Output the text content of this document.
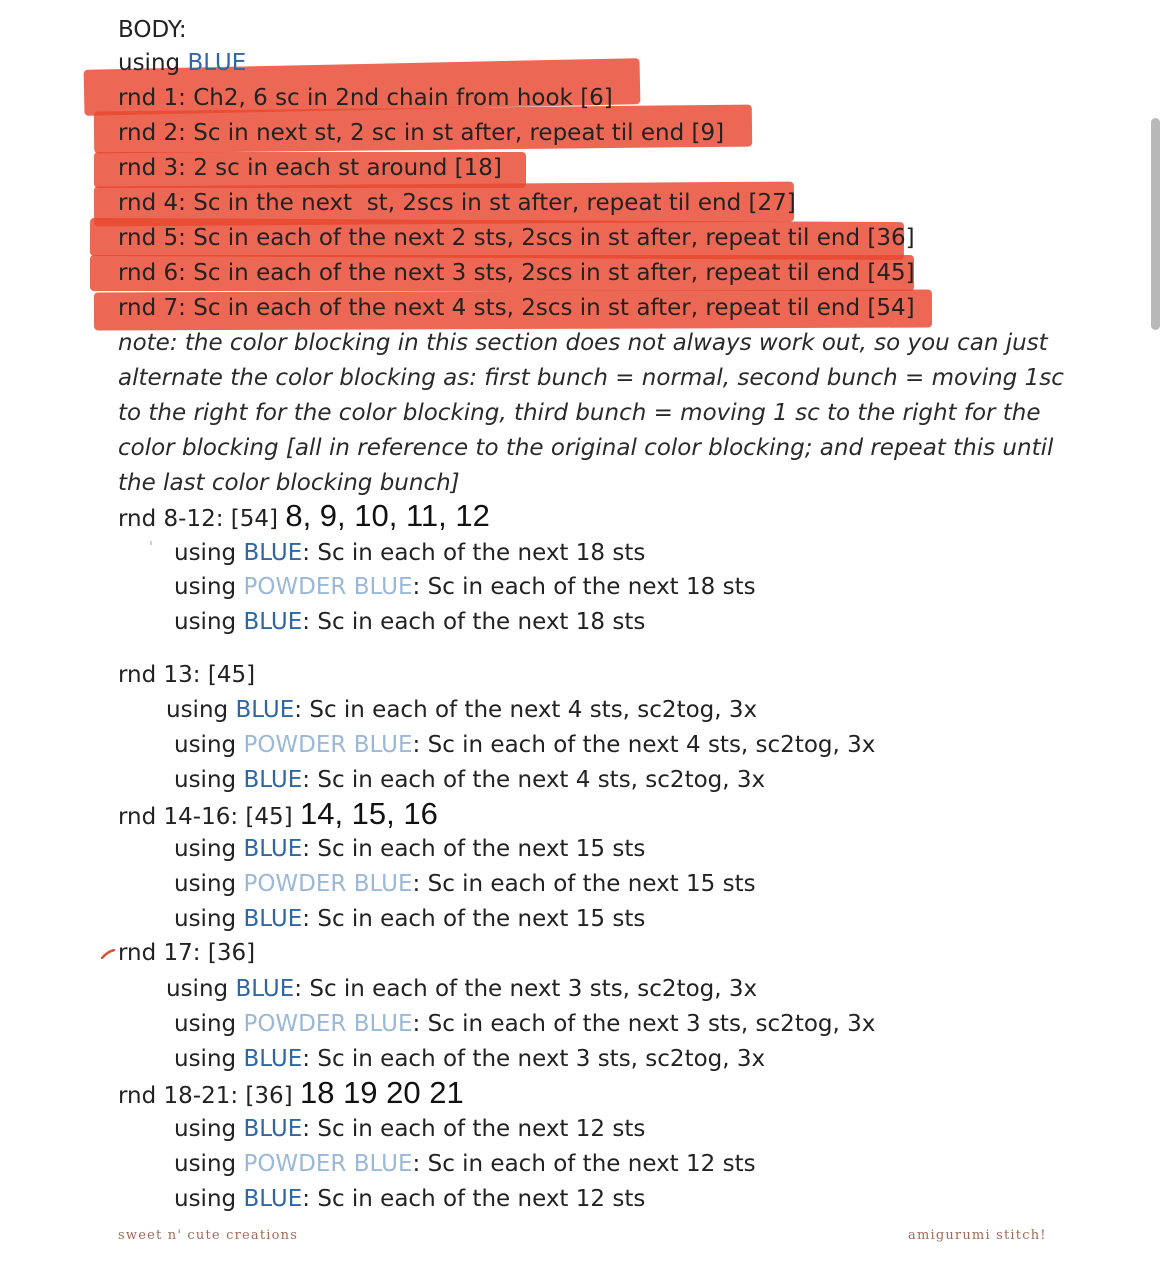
BODY:
using BLUE
rnd 1: Ch2, 6 sc in 2nd chain from hook [6]
rnd 2: Sc in next st, 2 sc in st after, repeat til end [9]
rnd 3: 2 sc in each st around [18]
rnd 4: Sc in the next  st, 2scs in st after, repeat til end [27]
rnd 5: Sc in each of the next 2 sts, 2scs in st after, repeat til end [36]
rnd 6: Sc in each of the next 3 sts, 2scs in st after, repeat til end [45]
rnd 7: Sc in each of the next 4 sts, 2scs in st after, repeat til end [54]
note: the color blocking in this section does not always work out, so you can just
alternate the color blocking as: first bunch = normal, second bunch = moving 1sc
to the right for the color blocking, third bunch = moving 1 sc to the right for the
color blocking [all in reference to the original color blocking; and repeat this until
the last color blocking bunch]
rnd 8-12: [54] 8, 9, 10, 11, 12
using BLUE: Sc in each of the next 18 sts
using POWDER BLUE: Sc in each of the next 18 sts
using BLUE: Sc in each of the next 18 sts
rnd 13: [45]
using BLUE: Sc in each of the next 4 sts, sc2tog, 3x
using POWDER BLUE: Sc in each of the next 4 sts, sc2tog, 3x
using BLUE: Sc in each of the next 4 sts, sc2tog, 3x
rnd 14-16: [45] 14, 15, 16
using BLUE: Sc in each of the next 15 sts
using POWDER BLUE: Sc in each of the next 15 sts
using BLUE: Sc in each of the next 15 sts
rnd 17: [36]
using BLUE: Sc in each of the next 3 sts, sc2tog, 3x
using POWDER BLUE: Sc in each of the next 3 sts, sc2tog, 3x
using BLUE: Sc in each of the next 3 sts, sc2tog, 3x
rnd 18-21: [36] 18 19 20 21
using BLUE: Sc in each of the next 12 sts
using POWDER BLUE: Sc in each of the next 12 sts
using BLUE: Sc in each of the next 12 sts
sweet n' cute creations	amigurumi stitch!
